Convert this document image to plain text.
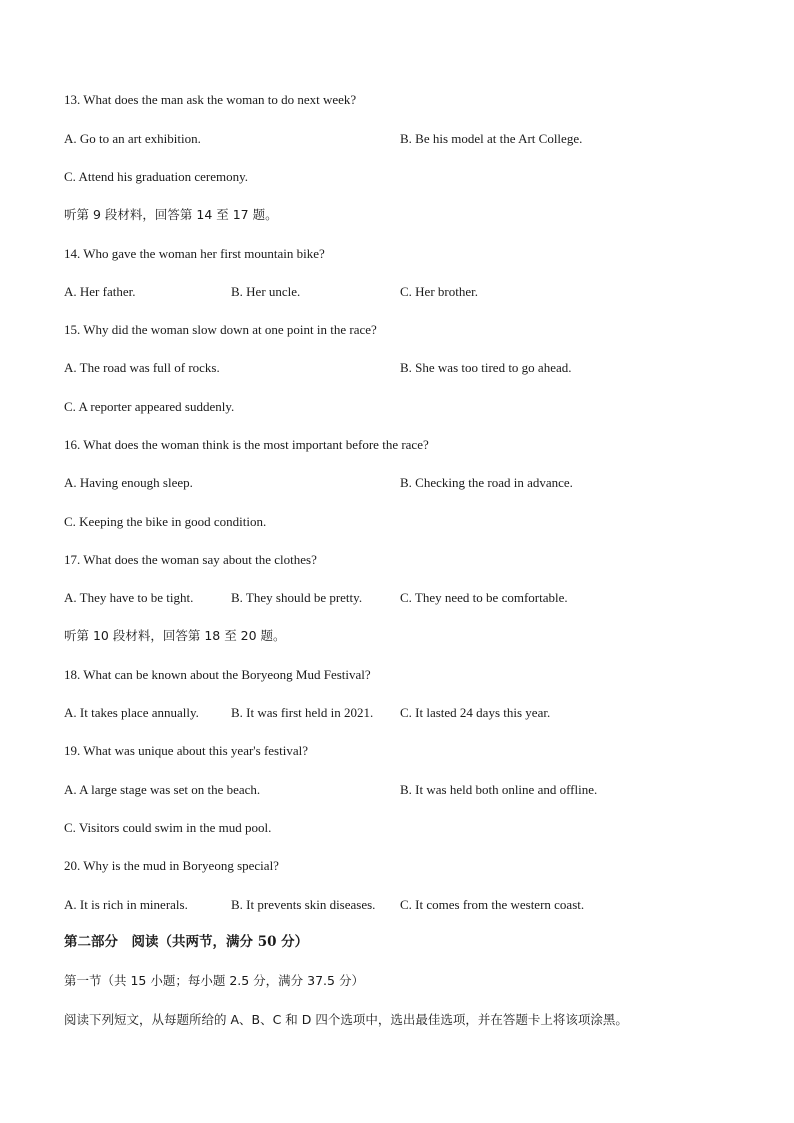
13. What does the man ask the woman to do next week?
A. Go to an art exhibition.	B. Be his model at the Art College.
C. Attend his graduation ceremony.
听第 9 段材料，回答第 14 至 17 题。
14. Who gave the woman her first mountain bike?
A. Her father.	B. Her uncle.	C. Her brother.
15. Why did the woman slow down at one point in the race?
A. The road was full of rocks.	B. She was too tired to go ahead.
C. A reporter appeared suddenly.
16. What does the woman think is the most important before the race?
A. Having enough sleep.	B. Checking the road in advance.
C. Keeping the bike in good condition.
17. What does the woman say about the clothes?
A. They have to be tight.	B. They should be pretty.	C. They need to be comfortable.
听第 10 段材料，回答第 18 至 20 题。
18. What can be known about the Boryeong Mud Festival?
A. It takes place annually. B. It was first held in 2021. C. It lasted 24 days this year.
19. What was unique about this year's festival?
A. A large stage was set on the beach.	B. It was held both online and offline.
C. Visitors could swim in the mud pool.
20. Why is the mud in Boryeong special?
A. It is rich in minerals.	B. It prevents skin diseases. C. It comes from the western coast.
第二部分　阅读（共两节，满分 50 分）
第一节（共 15 小题；每小题 2.5 分，满分 37.5 分）
阅读下列短文，从每题所给的 A、B、C 和 D 四个选项中，选出最佳选项，并在答题卡上将该项涂黑。
